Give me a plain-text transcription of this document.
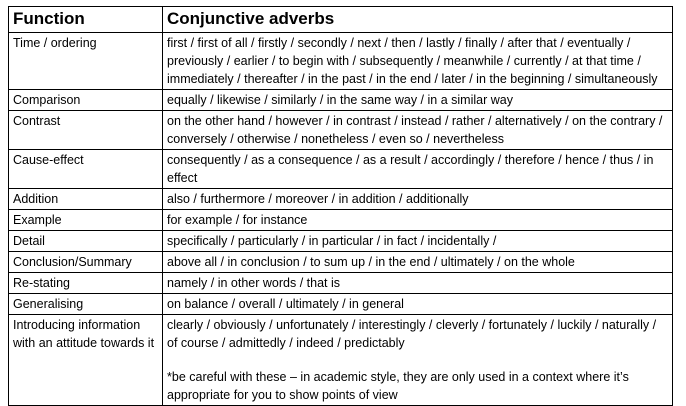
Function	Conjunctive adverbs
Time / ordering	first / first of all / firstly / secondly / next / then / lastly / finally / after that / eventually / previously / earlier / to begin with / subsequently / meanwhile / currently / at that time / immediately / thereafter / in the past / in the end / later / in the beginning / simultaneously
Comparison	equally / likewise / similarly / in the same way / in a similar way
Contrast	on the other hand / however / in contrast / instead / rather / alternatively / on the contrary / conversely / otherwise / nonetheless / even so / nevertheless
Cause-effect	consequently / as a consequence / as a result / accordingly / therefore / hence / thus / in effect
Addition	also / furthermore / moreover / in addition / additionally
Example	for example / for instance
Detail	specifically / particularly / in particular / in fact / incidentally /
Conclusion/Summary	above all / in conclusion / to sum up / in the end / ultimately / on the whole
Re-stating	namely / in other words / that is
Generalising	on balance / overall / ultimately / in general
Introducing information with an attitude towards it	clearly / obviously / unfortunately / interestingly / cleverly / fortunately / luckily / naturally / of course / admittedly / indeed / predictably
*be careful with these – in academic style, they are only used in a context where it’s appropriate for you to show points of view
